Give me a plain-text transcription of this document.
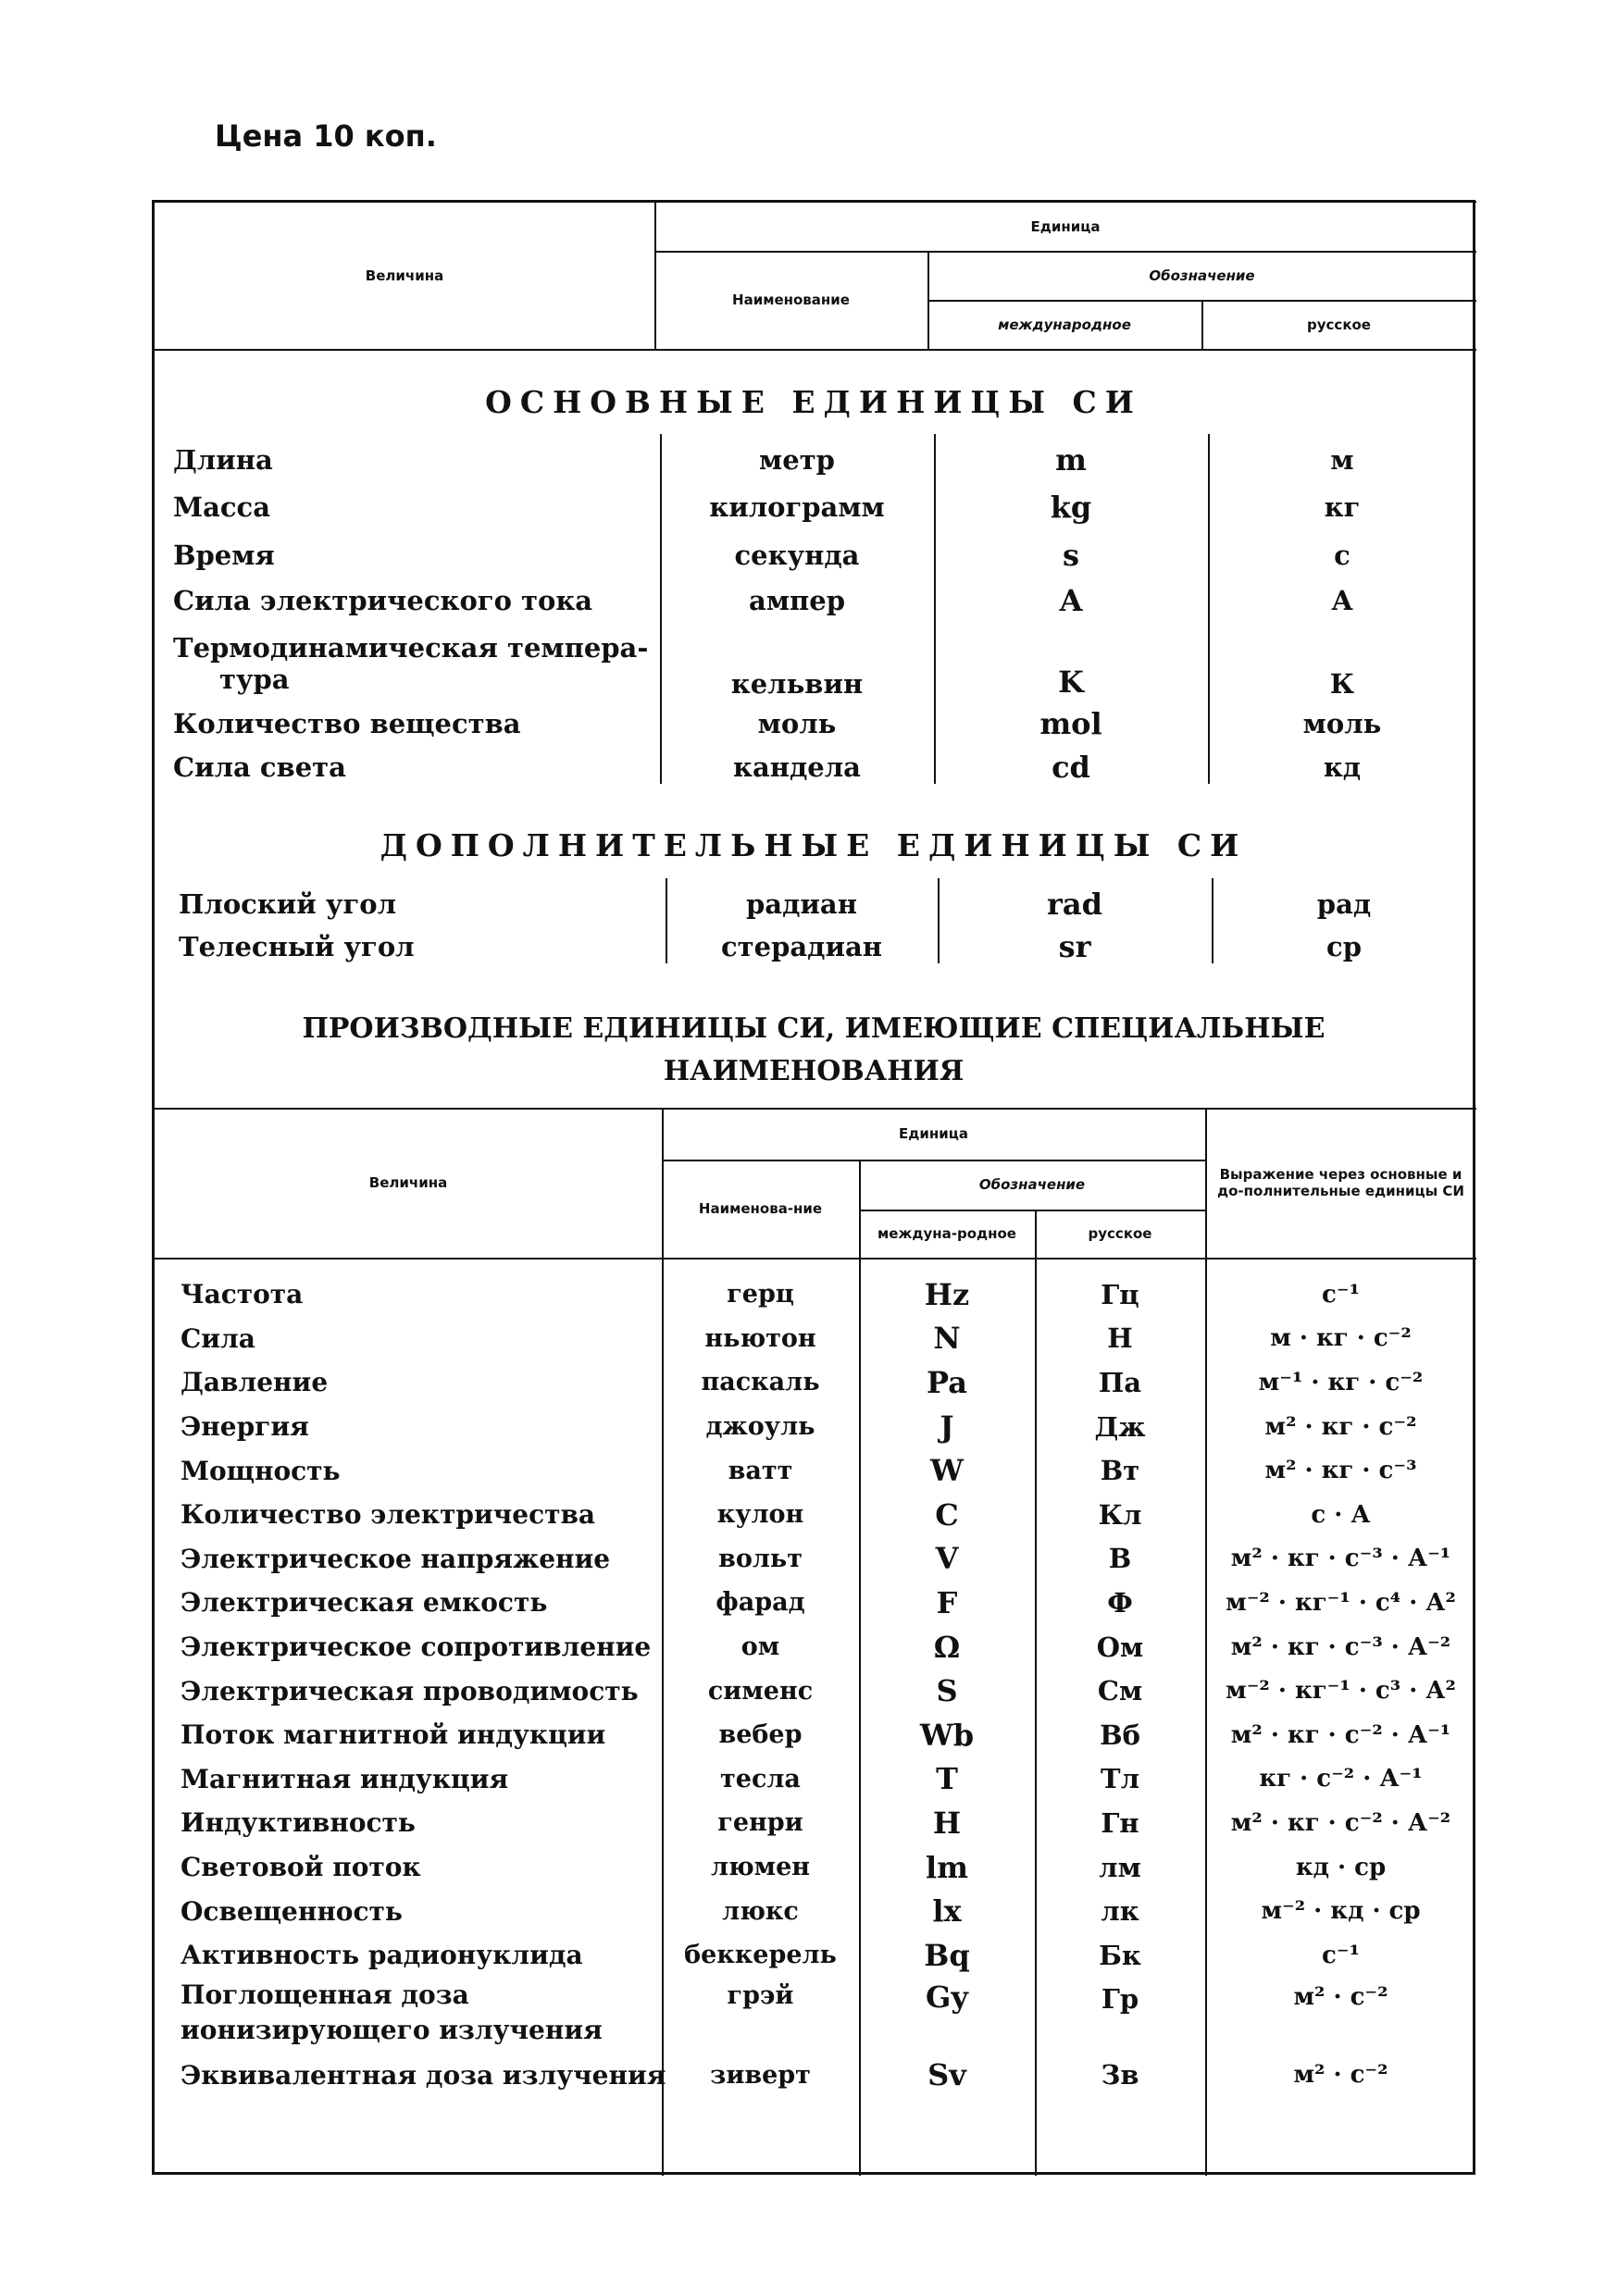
Цена 10 коп.
Величина
Единица
Наименование
Обозначение
международное	русское
ОСНОВНЫЕ ЕДИНИЦЫ СИ
Длина	метр	m	м
Масса	килограмм	kg	кг
Время	секунда	s	с
Сила электрического тока	ампер	A	А
Термодинамическая темпера-
тура	кельвин	K	К
Количество вещества	моль	mol	моль
Сила света	кандела	cd	кд
ДОПОЛНИТЕЛЬНЫЕ ЕДИНИЦЫ СИ
Плоский угол	радиан	rad	рад
Телесный угол	стерадиан	sr	ср
ПРОИЗВОДНЫЕ ЕДИНИЦЫ СИ, ИМЕЮЩИЕ СПЕЦИАЛЬНЫЕ
НАИМЕНОВАНИЯ
Величина
Единица
Наименова-ние
Обозначение
междуна-родное	русское
Выражение через основные и до-полнительные единицы СИ
Частота	герц	Hz	Гц	с⁻¹
Сила	ньютон	N	Н	м · кг · с⁻²
Давление	паскаль	Pa	Па	м⁻¹ · кг · с⁻²
Энергия	джоуль	J	Дж	м² · кг · с⁻²
Мощность	ватт	W	Вт	м² · кг · с⁻³
Количество электричества	кулон	C	Кл	с · А
Электрическое напряжение	вольт	V	В	м² · кг · с⁻³ · А⁻¹
Электрическая емкость	фарад	F	Ф	м⁻² · кг⁻¹ · с⁴ · А²
Электрическое сопротивление	ом	Ω	Ом	м² · кг · с⁻³ · А⁻²
Электрическая проводимость	сименс	S	См	м⁻² · кг⁻¹ · с³ · А²
Поток магнитной индукции	вебер	Wb	Вб	м² · кг · с⁻² · А⁻¹
Магнитная индукция	тесла	T	Тл	кг · с⁻² · А⁻¹
Индуктивность	генри	H	Гн	м² · кг · с⁻² · А⁻²
Световой поток	люмен	lm	лм	кд · ср
Освещенность	люкс	lx	лк	м⁻² · кд · ср
Активность радионуклида	беккерель	Bq	Бк	с⁻¹
Поглощенная доза
ионизирующего излучения
грэй	Gy	Гр	м² · с⁻²
Эквивалентная доза излучения	зиверт	Sv	Зв	м² · с⁻²
